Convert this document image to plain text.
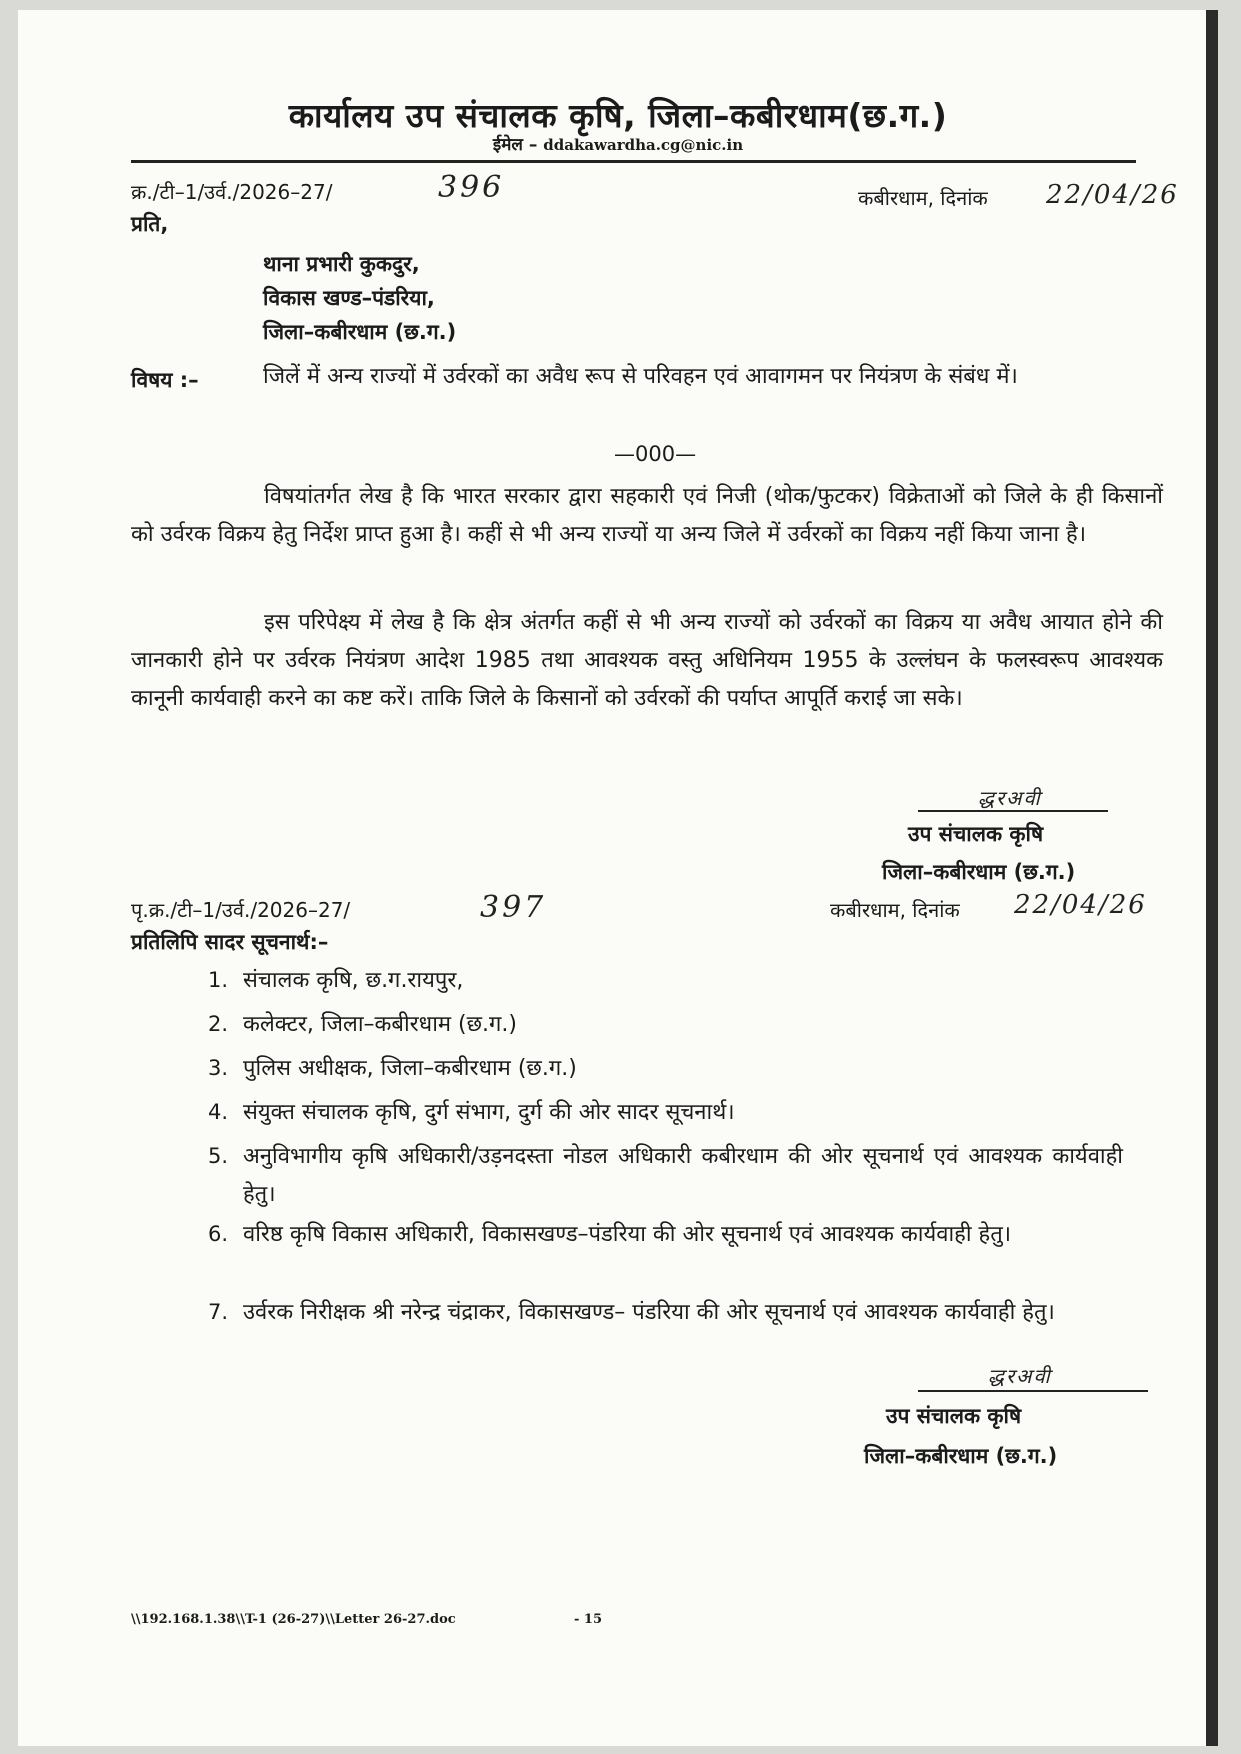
कार्यालय उप संचालक कृषि, जिला–कबीरधाम(छ.ग.)
ईमेल – ddakawardha.cg@nic.in
क्र./टी–1/उर्व./2026–27/	396	कबीरधाम, दिनांक 22/04/26
प्रति,
थाना प्रभारी कुकदुर,
विकास खण्ड–पंडरिया,
जिला–कबीरधाम (छ.ग.)
विषय :–	जिलें में अन्य राज्यों में उर्वरकों का अवैध रूप से परिवहन एवं आवागमन पर नियंत्रण के संबंध में।
—000—
विषयांतर्गत लेख है कि भारत सरकार द्वारा सहकारी एवं निजी (थोक/फुटकर) विक्रेताओं को जिले के ही किसानों को उर्वरक विक्रय हेतु निर्देश प्राप्त हुआ है। कहीं से भी अन्य राज्यों या अन्य जिले में उर्वरकों का विक्रय नहीं किया जाना है।
इस परिपेक्ष्य में लेख है कि क्षेत्र अंतर्गत कहीं से भी अन्य राज्यों को उर्वरकों का विक्रय या अवैध आयात होने की जानकारी होने पर उर्वरक नियंत्रण आदेश 1985 तथा आवश्यक वस्तु अधिनियम 1955 के उल्लंघन के फलस्वरूप आवश्यक कानूनी कार्यवाही करने का कष्ट करें। ताकि जिले के किसानों को उर्वरकों की पर्याप्त आपूर्ति कराई जा सके।
द्धरअवी
उप संचालक कृषि
जिला–कबीरधाम (छ.ग.)
पृ.क्र./टी–1/उर्व./2026–27/	397	कबीरधाम, दिनांक 22/04/26
प्रतिलिपि सादर सूचनार्थ:–
1. संचालक कृषि, छ.ग.रायपुर,
2. कलेक्टर, जिला–कबीरधाम (छ.ग.)
3. पुलिस अधीक्षक, जिला–कबीरधाम (छ.ग.)
4. संयुक्त संचालक कृषि, दुर्ग संभाग, दुर्ग की ओर सादर सूचनार्थ।
5. अनुविभागीय कृषि अधिकारी/उड़नदस्ता नोडल अधिकारी कबीरधाम की ओर सूचनार्थ एवं आवश्यक कार्यवाही हेतु।
6. वरिष्ठ कृषि विकास अधिकारी, विकासखण्ड–पंडरिया की ओर सूचनार्थ एवं आवश्यक कार्यवाही हेतु।
7. उर्वरक निरीक्षक श्री नरेन्द्र चंद्राकर, विकासखण्ड– पंडरिया की ओर सूचनार्थ एवं आवश्यक कार्यवाही हेतु।
द्धरअवी
उप संचालक कृषि
जिला–कबीरधाम (छ.ग.)
\\192.168.1.38\\T-1 (26-27)\\Letter 26-27.doc	- 15
